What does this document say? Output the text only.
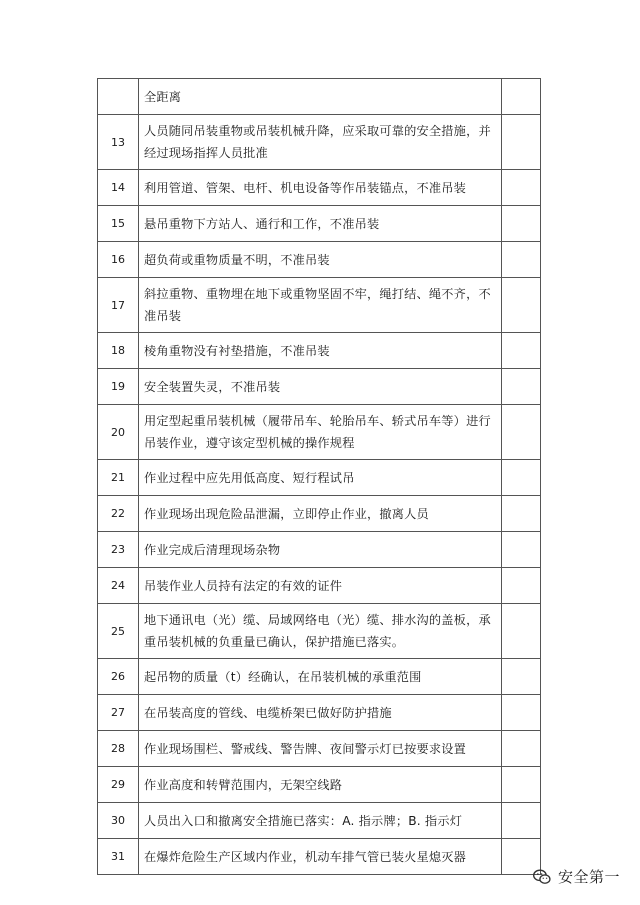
	全距离	
13	人员随同吊装重物或吊装机械升降，应采取可靠的安全措施，并经过现场指挥人员批准	
14	利用管道、管架、电杆、机电设备等作吊装锚点，不准吊装	
15	悬吊重物下方站人、通行和工作，不准吊装	
16	超负荷或重物质量不明，不准吊装	
17	斜拉重物、重物埋在地下或重物坚固不牢，绳打结、绳不齐，不准吊装	
18	棱角重物没有衬垫措施，不准吊装	
19	安全装置失灵，不准吊装	
20	用定型起重吊装机械（履带吊车、轮胎吊车、轿式吊车等）进行吊装作业，遵守该定型机械的操作规程	
21	作业过程中应先用低高度、短行程试吊	
22	作业现场出现危险品泄漏，立即停止作业，撤离人员	
23	作业完成后清理现场杂物	
24	吊装作业人员持有法定的有效的证件	
25	地下通讯电（光）缆、局域网络电（光）缆、排水沟的盖板，承重吊装机械的负重量已确认，保护措施已落实。	
26	起吊物的质量（t）经确认，在吊装机械的承重范围	
27	在吊装高度的管线、电缆桥架已做好防护措施	
28	作业现场围栏、警戒线、警告牌、夜间警示灯已按要求设置	
29	作业高度和转臂范围内，无架空线路	
30	人员出入口和撤离安全措施已落实：A. 指示牌；B. 指示灯	
31	在爆炸危险生产区域内作业，机动车排气管已装火星熄灭器	
安全第一
